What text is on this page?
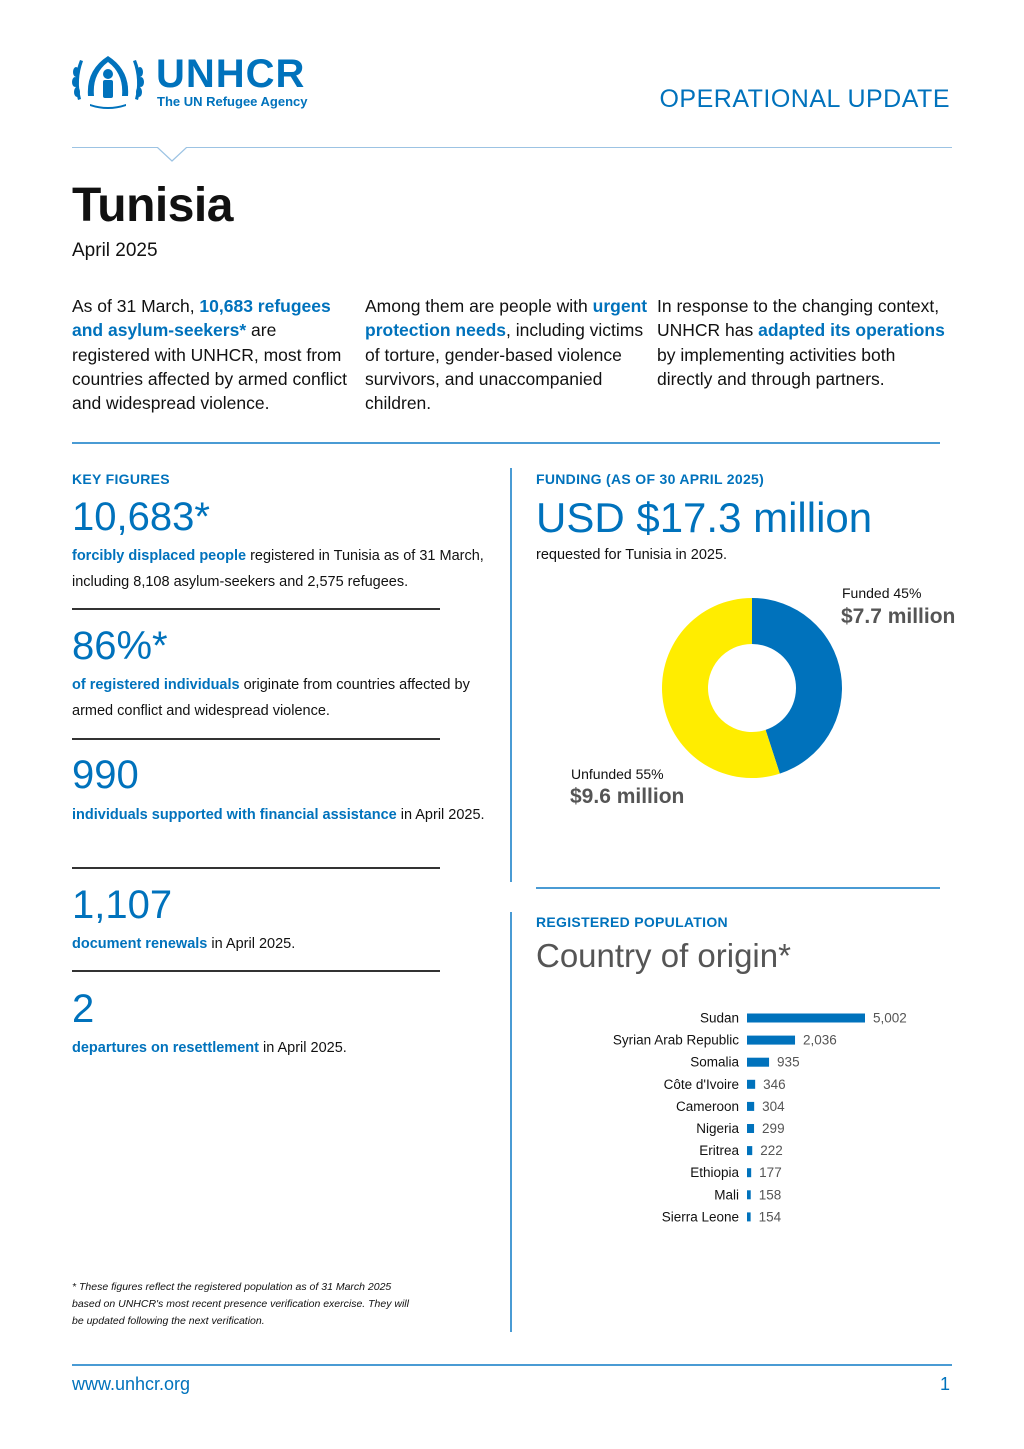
UNHCR
The UN Refugee Agency	OPERATIONAL UPDATE
Tunisia
April 2025
As of 31 March, 10,683 refugees and asylum-seekers* are registered with UNHCR, most from countries affected by armed conflict and widespread violence.
Among them are people with urgent protection needs, including victims of torture, gender-based violence survivors, and unaccompanied children.
In response to the changing context, UNHCR has adapted its operations by implementing activities both directly and through partners.
KEY FIGURES
10,683*
forcibly displaced people registered in Tunisia as of 31 March, including 8,108 asylum-seekers and 2,575 refugees.
86%*
of registered individuals originate from countries affected by armed conflict and widespread violence.
990
individuals supported with financial assistance in April 2025.
1,107
document renewals in April 2025.
2
departures on resettlement in April 2025.
FUNDING (AS OF 30 APRIL 2025)
USD $17.3 million
requested for Tunisia in 2025.
Funded 45%
$7.7 million
Unfunded 55%
$9.6 million
REGISTERED POPULATION
Country of origin*
Sudan	5,002
Syrian Arab Republic	2,036
Somalia	935
Côte d'Ivoire 346
Cameroon 304
Nigeria 299
Eritrea 222
Ethiopia 177
Mali 158
Sierra Leone 154
* These figures reflect the registered population as of 31 March 2025 based on UNHCR's most recent presence verification exercise. They will be updated following the next verification.
www.unhcr.org	1
